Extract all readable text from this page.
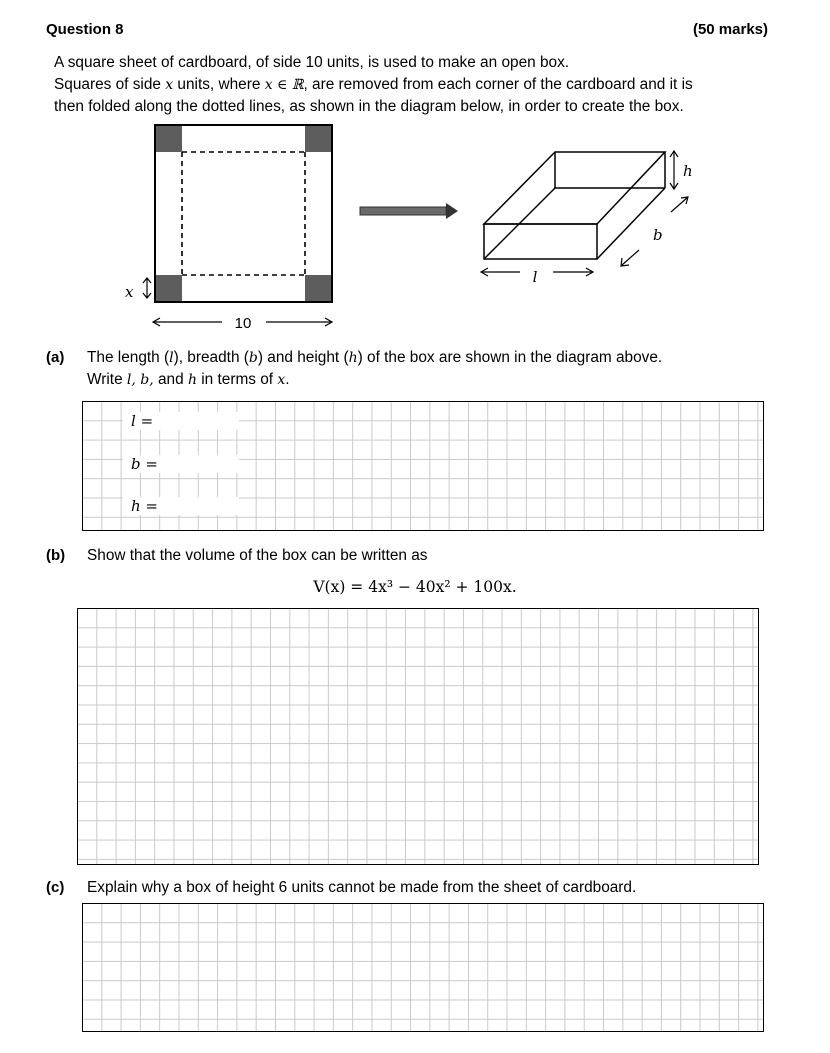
Question 8	(50 marks)
A square sheet of cardboard, of side 10 units, is used to make an open box.
Squares of side x units, where x ∈ ℝ, are removed from each corner of the cardboard and it is
then folded along the dotted lines, as shown in the diagram below, in order to create the box.
x
10
h
b
l
(a) The length (l), breadth (b) and height (h) of the box are shown in the diagram above.
Write l, b, and h in terms of x.
l =
b =
h =
(b) Show that the volume of the box can be written as
V(x) = 4x³ − 40x² + 100x.
(c) Explain why a box of height 6 units cannot be made from the sheet of cardboard.
